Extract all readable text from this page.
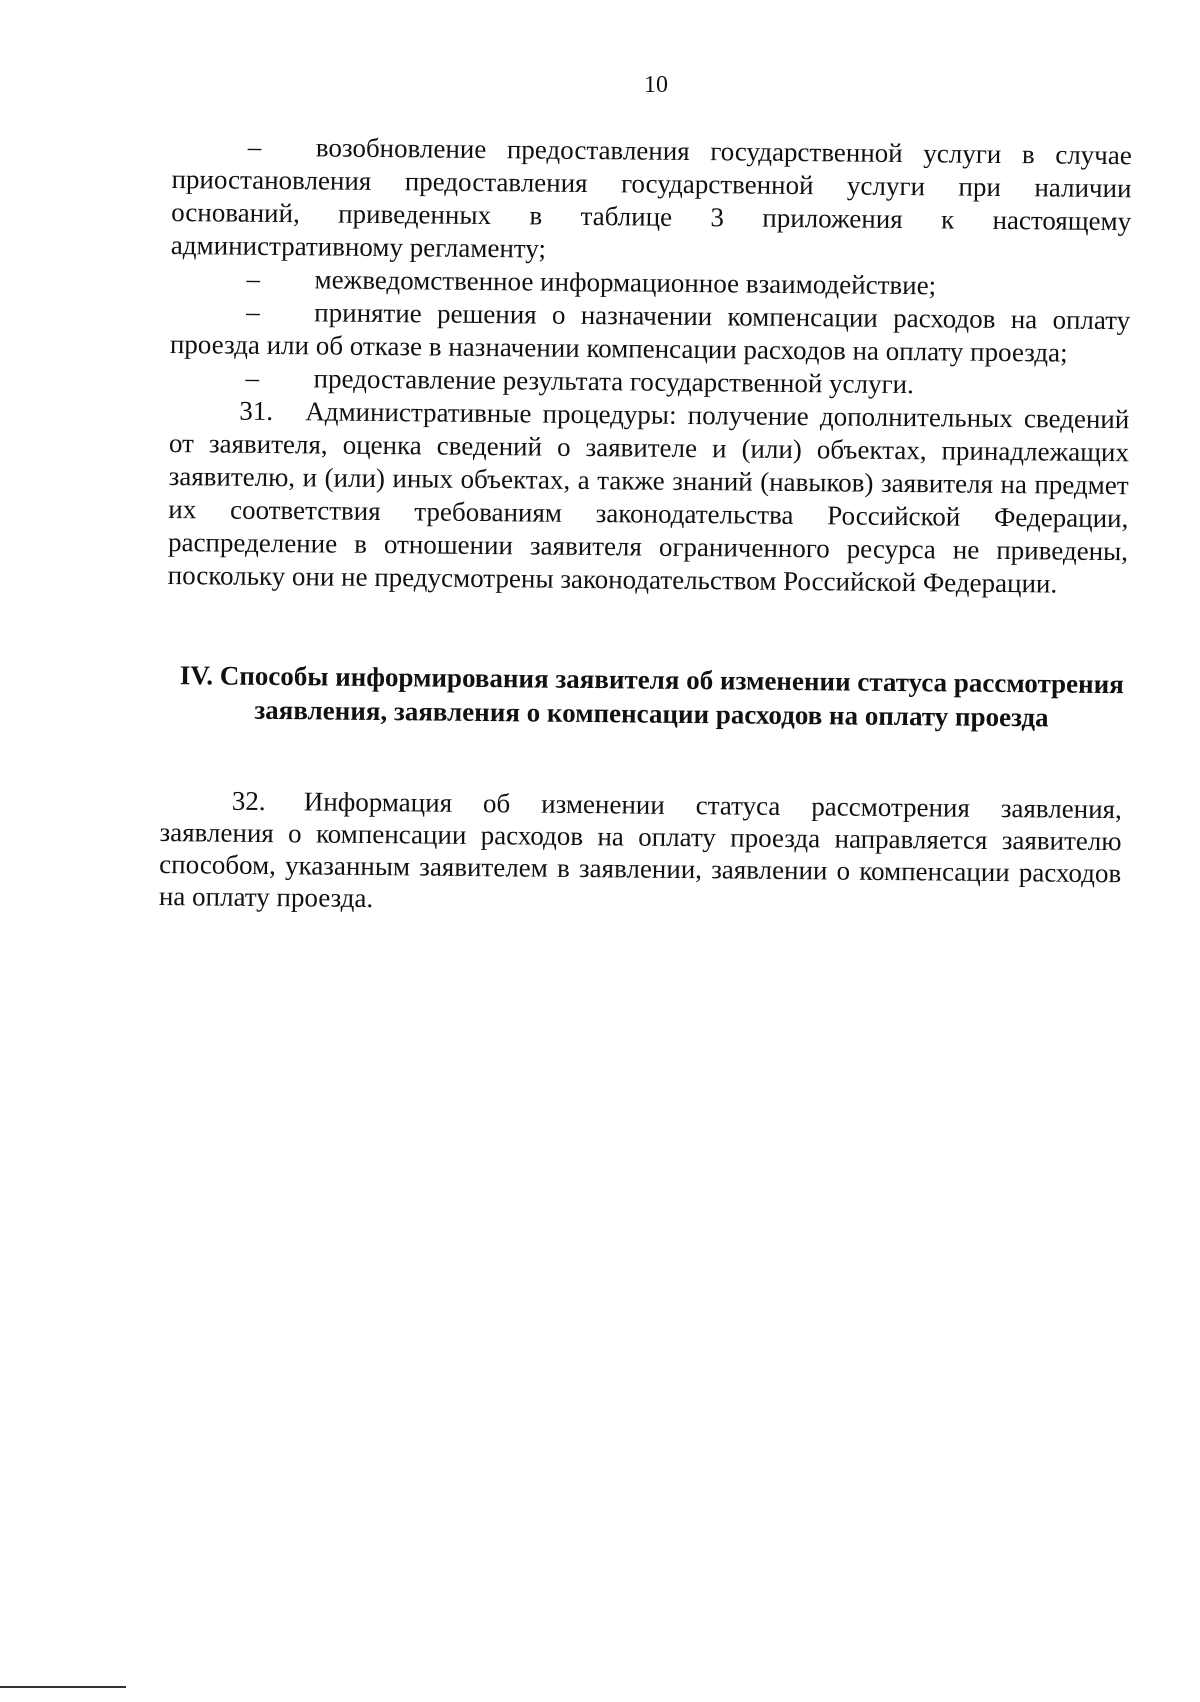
10

– возобновление предоставления государственной услуги в случае приостановления предоставления государственной услуги при наличии оснований, приведенных в таблице 3 приложения к настоящему административному регламенту;

– межведомственное информационное взаимодействие;

– принятие решения о назначении компенсации расходов на оплату проезда или об отказе в назначении компенсации расходов на оплату проезда;

– предоставление результата государственной услуги.

31. Административные процедуры: получение дополнительных сведений от заявителя, оценка сведений о заявителе и (или) объектах, принадлежащих заявителю, и (или) иных объектах, а также знаний (навыков) заявителя на предмет их соответствия требованиям законодательства Российской Федерации, распределение в отношении заявителя ограниченного ресурса не приведены, поскольку они не предусмотрены законодательством Российской Федерации.

IV. Способы информирования заявителя об изменении статуса рассмотрения заявления, заявления о компенсации расходов на оплату проезда

32. Информация об изменении статуса рассмотрения заявления, заявления о компенсации расходов на оплату проезда направляется заявителю способом, указанным заявителем в заявлении, заявлении о компенсации расходов на оплату проезда.
